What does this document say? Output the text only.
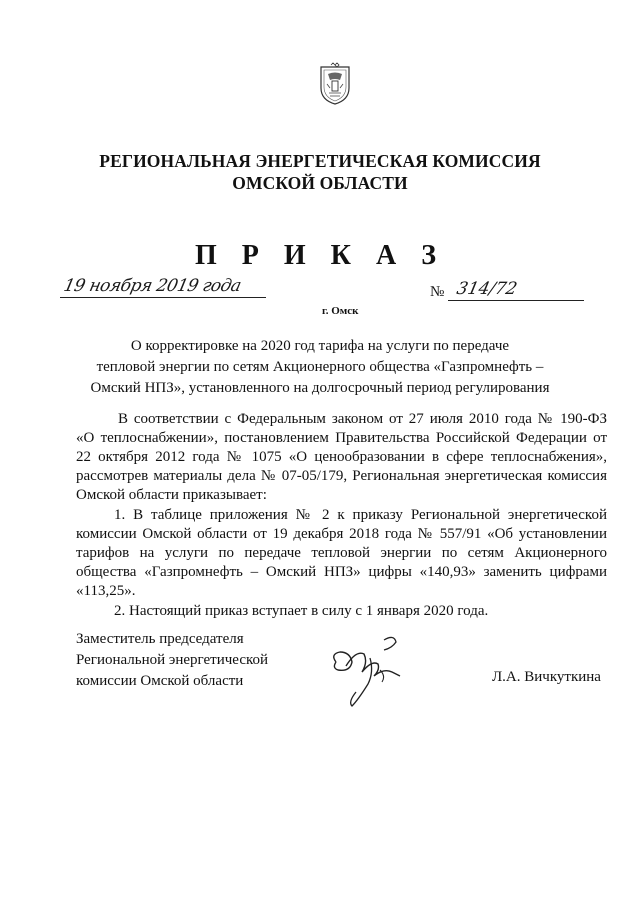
РЕГИОНАЛЬНАЯ ЭНЕРГЕТИЧЕСКАЯ КОМИССИЯ
ОМСКОЙ ОБЛАСТИ
П Р И К А З
19 ноября 2019 года
г. Омск
№ 314/72
О корректировке на 2020 год тарифа на услуги по передаче
тепловой энергии по сетям Акционерного общества «Газпромнефть –
Омский НПЗ», установленного на долгосрочный период регулирования
В соответствии с Федеральным законом от 27 июля 2010 года № 190-ФЗ
«О теплоснабжении», постановлением Правительства Российской Федерации от
22 октября 2012 года № 1075 «О ценообразовании в сфере теплоснабжения»,
рассмотрев материалы дела № 07-05/179, Региональная энергетическая комиссия
Омской области приказывает:
1. В таблице приложения № 2 к приказу Региональной энергетической
комиссии Омской области от 19 декабря 2018 года № 557/91 «Об установлении
тарифов на услуги по передаче тепловой энергии по сетям Акционерного
общества «Газпромнефть – Омский НПЗ» цифры «140,93» заменить цифрами
«113,25».
2. Настоящий приказ вступает в силу с 1 января 2020 года.
Заместитель председателя
Региональной энергетической
комиссии Омской области	Л.А. Вичкуткина
